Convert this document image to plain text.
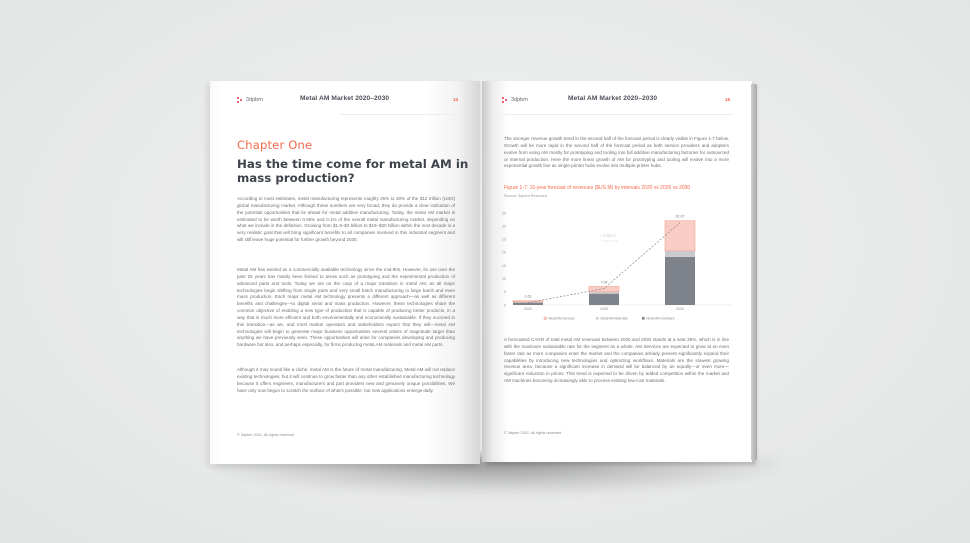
3dpbm	Metal AM Market 2020–2030	14
Chapter One
Has the time come for metal AM in mass production?

According to most estimates, metal manufacturing represents roughly 25% to 30% of the $12 trillion (USD) global manufacturing market. Although these numbers are very broad, they do provide a clear indication of the potential opportunities that lie ahead for metal additive manufacturing. Today, the metal AM market is estimated to be worth between 0.05% and 0.1% of the overall metal manufacturing market, depending on what we include in the definition. Growing from $1.5–$3 billion to $15–$30 billion within the next decade is a very realistic goal that will bring significant benefits to all companies involved in this industrial segment and will still leave huge potential for further growth beyond 2030.

Metal AM has existed as a commercially available technology since the mid-90s. However, its use over the past 25 years has mainly been limited to areas such as prototyping and the experimental production of advanced parts and tools. Today we are on the cusp of a major transition in metal AM, as all major technologies begin shifting from single parts and very small batch manufacturing to large batch and even mass production. Each major metal AM technology presents a different approach—as well as different benefits and challenges—to digital serial and mass production. However, these technologies share the common objective of enabling a new type of production that is capable of producing better products, in a way that is much more efficient and both environmentally and economically sustainable. If they succeed in this transition—as we, and most market operators and stakeholders expect that they will—metal AM technologies will begin to generate major business opportunities several orders of magnitude larger than anything we have previously seen. These opportunities will arise for companies developing and producing hardware but also, and perhaps especially, for firms producing metal AM materials and metal AM parts.

Although it may sound like a cliché, metal AM is the future of metal manufacturing. Metal AM will not replace existing technologies, but it will continue to grow faster than any other established manufacturing technology because it offers engineers, manufacturers and part providers new and genuinely unique possibilities. We have only now begun to scratch the surface of what's possible, but new applications emerge daily.

© 3dpbm 2021. All rights reserved
3dpbm	Metal AM Market 2020–2030	15

The stronger revenue growth trend in the second half of the forecast period is clearly visible in Figure 1-7 below. Growth will be more rapid in the second half of the forecast period as both service providers and adopters evolve from using AM mostly for prototyping and tooling into full additive manufacturing factories for outsourced or internal production. Here the more linear growth of AM for prototyping and tooling will evolve into a more exponential growth line as single-printer hubs evolve into multiple-printer hubs.

Figure 1-7: 10-year forecast of revenues ($US M) by intervals 2020 vs 2025 vs 2030
Source: 3dpbm Research
0
5
10
15
20
25
30
35
› 3dpbm
© 3dpbm 2021
1.63
2020
7.04
2025
32.07
2030
Metal AM Services	Metal AM Materials	Metal AM Hardware

A forecasted CAGR of total metal AM revenues between 2020 and 2030 stands at a neat 35%, which is in line with the maximum sustainable rate for the segment as a whole. AM Services are expected to grow at an even faster rate as more companies enter the market and the companies already present significantly expand their capabilities by introducing new technologies and optimizing workflows. Materials are the slowest growing revenue area, because a significant increase in demand will be balanced by an equally—or even more—significant reduction in prices. This trend is expected to be driven by added competition within the market and AM machines becoming increasingly able to process existing low-cost materials.

© 3dpbm 2021. All rights reserved
